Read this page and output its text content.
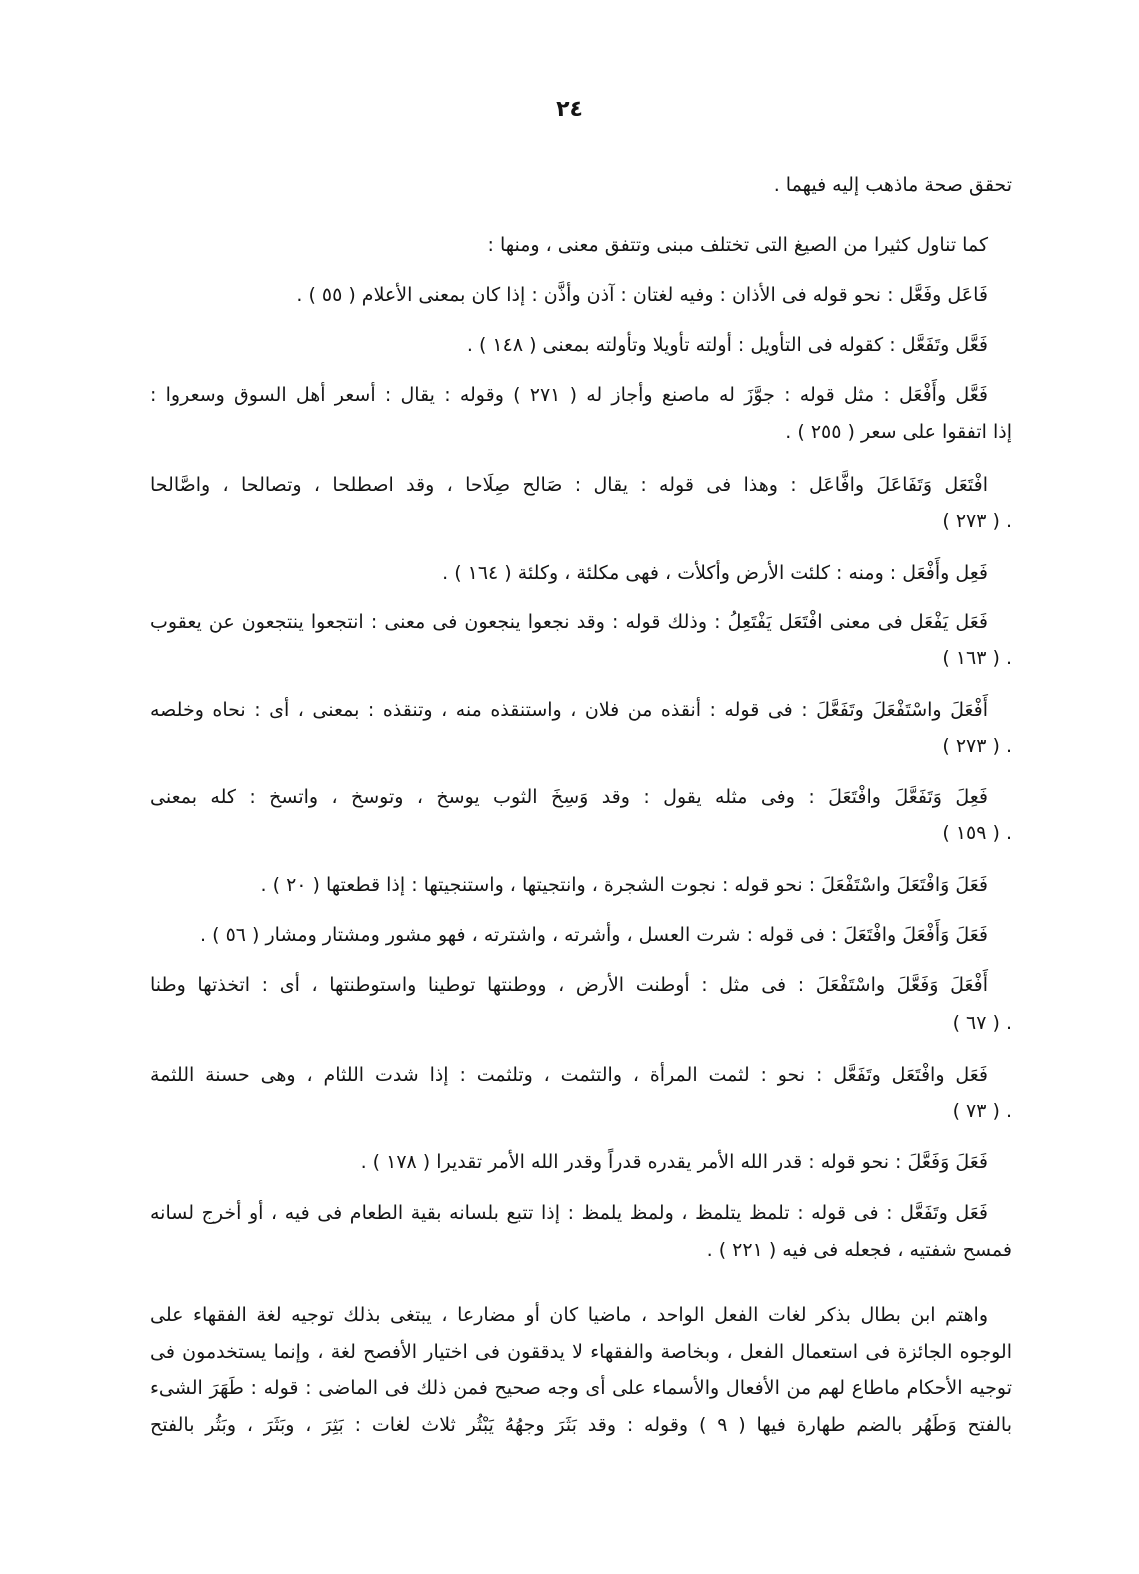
٢٤
تحقق صحة ماذهب إليه فيهما .
كما تناول كثيرا من الصيغ التى تختلف مبنى وتتفق معنى ، ومنها :
فَاعَل وفَعَّل : نحو قوله فى الأذان : وفيه لغتان : آذن وأذَّن : إذا كان بمعنى الأعلام ( ٥٥ ) .
فَعَّل وتَفَعَّل : كقوله فى التأويل : أولته تأويلا وتأولته بمعنى ( ١٤٨ ) .
فَعَّل وأَفْعَل : مثل قوله : جوَّزَ له ماصنع وأجاز له ( ٢٧١ ) وقوله : يقال : أسعر أهل السوق وسعروا :
إذا اتفقوا على سعر ( ٢٥٥ ) .
افْتَعَل وَتَفَاعَلَ وافَّاعَل : وهذا فى قوله : يقال : صَالح صِلَاحا ، وقد اصطلحا ، وتصالحا ، واصَّالحا
( ٢٧٣ ) .
فَعِل وأَفْعَل : ومنه : كلئت الأرض وأكلأت ، فهى مكلئة ، وكلئة ( ١٦٤ ) .
فَعَل يَفْعَل فى معنى افْتَعَل يَفْتَعِلُ : وذلك قوله : وقد نجعوا ينجعون فى معنى : انتجعوا ينتجعون عن يعقوب
( ١٦٣ ) .
أَفْعَلَ واسْتَفْعَلَ وتَفَعَّلَ : فى قوله : أنقذه من فلان ، واستنقذه منه ، وتنقذه : بمعنى ، أى : نحاه وخلصه
( ٢٧٣ ) .
فَعِلَ وَتَفَعَّلَ وافْتَعَلَ : وفى مثله يقول : وقد وَسِخَ الثوب يوسخ ، وتوسخ ، واتسخ : كله بمعنى
( ١٥٩ ) .
فَعَلَ وَافْتَعَلَ واسْتَفْعَلَ : نحو قوله : نجوت الشجرة ، وانتجيتها ، واستنجيتها : إذا قطعتها ( ٢٠ ) .
فَعَلَ وَأَفْعَلَ وافْتَعَلَ : فى قوله : شرت العسل ، وأشرته ، واشترته ، فهو مشور ومشتار ومشار ( ٥٦ ) .
أَفْعَلَ وَفَعَّلَ واسْتَفْعَلَ : فى مثل : أوطنت الأرض ، ووطنتها توطينا واستوطنتها ، أى : اتخذتها وطنا
( ٦٧ ) .
فَعَل وافْتَعَل وتَفَعَّل : نحو : لثمت المرأة ، والتثمت ، وتلثمت : إذا شدت اللثام ، وهى حسنة اللثمة
( ٧٣ ) .
فَعَلَ وَفَعَّلَ : نحو قوله : قدر الله الأمر يقدره قدراً وقدر الله الأمر تقديرا ( ١٧٨ ) .
فَعَل وتَفَعَّل : فى قوله : تلمظ يتلمظ ، ولمظ يلمظ : إذا تتبع بلسانه بقية الطعام فى فيه ، أو أخرج لسانه
فمسح شفتيه ، فجعله فى فيه ( ٢٢١ ) .
واهتم ابن بطال بذكر لغات الفعل الواحد ، ماضيا كان أو مضارعا ، يبتغى بذلك توجيه لغة الفقهاء على
الوجوه الجائزة فى استعمال الفعل ، وبخاصة والفقهاء لا يدققون فى اختيار الأفصح لغة ، وإنما يستخدمون فى
توجيه الأحكام ماطاع لهم من الأفعال والأسماء على أى وجه صحيح فمن ذلك فى الماضى : قوله : طَهَرَ الشىء
بالفتح وَطَهُر بالضم طهارة فيها ( ٩ ) وقوله : وقد بَثَرَ وجهُهُ يَبْثُر ثلاث لغات : بَثِرَ ، وبَثَرَ ، وبَثُر بالفتح
